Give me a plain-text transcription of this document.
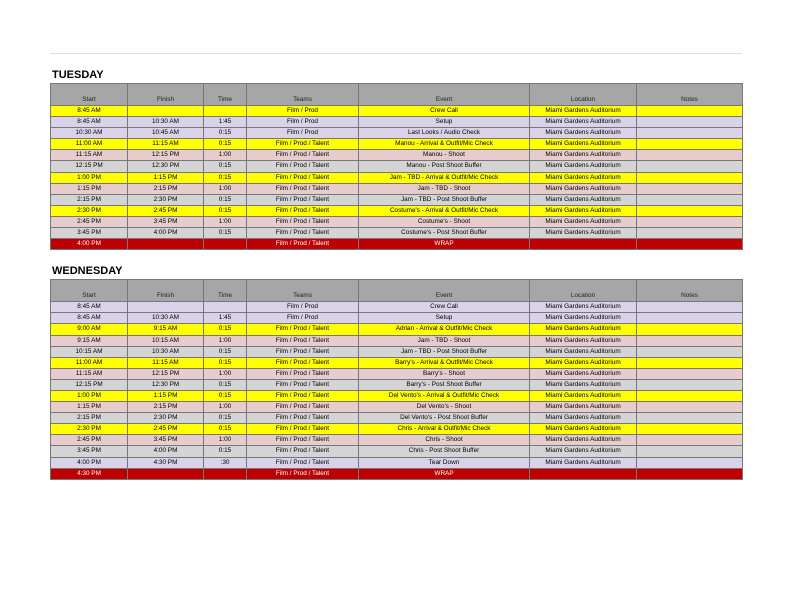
TUESDAY
Start	Finish	Time	Teams	Event	Location	Notes
8:45 AM			Film / Prod	Crew Call	Miami Gardens Auditorium	
8:45 AM	10:30 AM	1:45	Film / Prod	Setup	Miami Gardens Auditorium	
10:30 AM	10:45 AM	0:15	Film / Prod	Last Looks / Audio Check	Miami Gardens Auditorium	
11:00 AM	11:15 AM	0:15	Film / Prod / Talent	Manou - Arrival & Outfit/Mic Check	Miami Gardens Auditorium	
11:15 AM	12:15 PM	1:00	Film / Prod / Talent	Manou - Shoot	Miami Gardens Auditorium	
12:15 PM	12:30 PM	0:15	Film / Prod / Talent	Manou - Post Shoot Buffer	Miami Gardens Auditorium	
1:00 PM	1:15 PM	0:15	Film / Prod / Talent	Jam - TBD - Arrival & Outfit/Mic Check	Miami Gardens Auditorium	
1:15 PM	2:15 PM	1:00	Film / Prod / Talent	Jam - TBD - Shoot	Miami Gardens Auditorium	
2:15 PM	2:30 PM	0:15	Film / Prod / Talent	Jam - TBD - Post Shoot Buffer	Miami Gardens Auditorium	
2:30 PM	2:45 PM	0:15	Film / Prod / Talent	Costume's - Arrival & Outfit/Mic Check	Miami Gardens Auditorium	
2:45 PM	3:45 PM	1:00	Film / Prod / Talent	Costume's - Shoot	Miami Gardens Auditorium	
3:45 PM	4:00 PM	0:15	Film / Prod / Talent	Costume's - Post Shoot Buffer	Miami Gardens Auditorium	
4:00 PM			Film / Prod / Talent	WRAP		
WEDNESDAY
Start	Finish	Time	Teams	Event	Location	Notes
8:45 AM			Film / Prod	Crew Call	Miami Gardens Auditorium	
8:45 AM	10:30 AM	1:45	Film / Prod	Setup	Miami Gardens Auditorium	
9:00 AM	9:15 AM	0:15	Film / Prod / Talent	Adrian - Arrival & Outfit/Mic Check	Miami Gardens Auditorium	
9:15 AM	10:15 AM	1:00	Film / Prod / Talent	Jam - TBD - Shoot	Miami Gardens Auditorium	
10:15 AM	10:30 AM	0:15	Film / Prod / Talent	Jam - TBD - Post Shoot Buffer	Miami Gardens Auditorium	
11:00 AM	11:15 AM	0:15	Film / Prod / Talent	Barry's - Arrival & Outfit/Mic Check	Miami Gardens Auditorium	
11:15 AM	12:15 PM	1:00	Film / Prod / Talent	Barry's - Shoot	Miami Gardens Auditorium	
12:15 PM	12:30 PM	0:15	Film / Prod / Talent	Barry's - Post Shoot Buffer	Miami Gardens Auditorium	
1:00 PM	1:15 PM	0:15	Film / Prod / Talent	Del Vento's - Arrival & Outfit/Mic Check	Miami Gardens Auditorium	
1:15 PM	2:15 PM	1:00	Film / Prod / Talent	Del Vento's - Shoot	Miami Gardens Auditorium	
2:15 PM	2:30 PM	0:15	Film / Prod / Talent	Del Vento's - Post Shoot Buffer	Miami Gardens Auditorium	
2:30 PM	2:45 PM	0:15	Film / Prod / Talent	Chris - Arrival & Outfit/Mic Check	Miami Gardens Auditorium	
2:45 PM	3:45 PM	1:00	Film / Prod / Talent	Chris - Shoot	Miami Gardens Auditorium	
3:45 PM	4:00 PM	0:15	Film / Prod / Talent	Chris - Post Shoot Buffer	Miami Gardens Auditorium	
4:00 PM	4:30 PM	:30	Film / Prod / Talent	Tear Down	Miami Gardens Auditorium	
4:30 PM			Film / Prod / Talent	WRAP		
